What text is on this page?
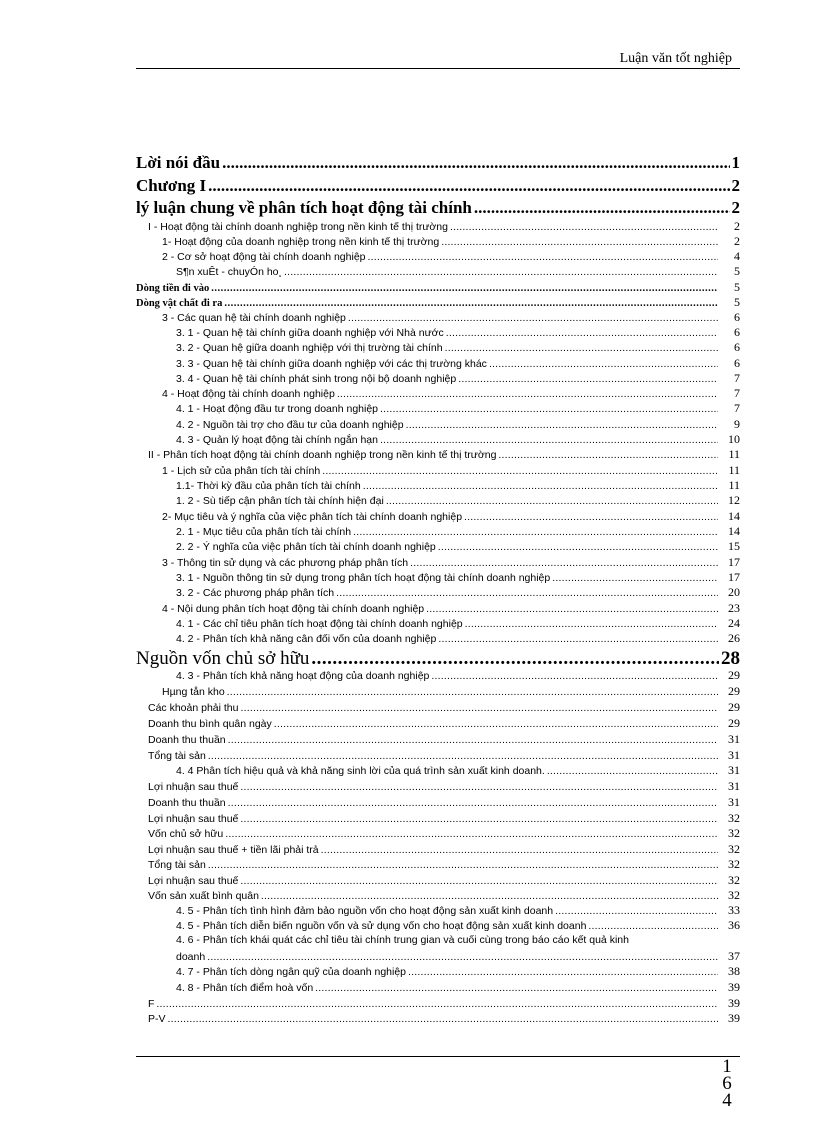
Luận văn tốt nghiệp
Lời nói đầu .....	1
Chương I .....	2
lý luận chung về phân tích hoạt động tài chính .....	2
I - Hoạt động tài chính doanh nghiệp trong nền kinh tế thị trường .....	2
1- Hoạt động của doanh nghiệp trong nền kinh tế thị trường .....	2
2 - Cơ sở hoạt động tài chính doanh nghiệp .....	4
S¶n xuÊt - chuyÓn ho¸ .....	5
Dòng tiền đi vào .....	5
Dòng vật chất đi ra .....	5
3 - Các quan hệ tài chính doanh nghiệp .....	6
3. 1 - Quan hệ tài chính giữa doanh nghiệp với Nhà nước .....	6
3. 2 - Quan hệ giữa doanh nghiệp với thị trường tài chính .....	6
3. 3 - Quan hệ tài chính giữa doanh nghiệp với các thị trường khác .....	6
3. 4 - Quan hệ tài chính phát sinh trong nội bộ doanh nghiệp .....	7
4 - Hoạt động tài chính doanh nghiệp .....	7
4. 1 - Hoạt động đầu tư trong doanh nghiệp .....	7
4. 2 - Nguồn tài trợ cho đầu tư của doanh nghiệp .....	9
4. 3 - Quản lý hoạt động tài chính ngắn hạn .....	10
II - Phân tích hoạt động tài chính doanh nghiệp trong nền kinh tế thị trường .....	11
1 - Lịch sử của phân tích tài chính .....	11
1.1- Thời kỳ đầu của phân tích tài chính .....	11
1. 2 - Sù tiếp cận phân tích tài chính hiện đại .....	12
2- Mục tiêu và ý nghĩa của việc phân tích tài chính doanh nghiệp .....	14
2. 1 - Mục tiêu của phân tích tài chính .....	14
2. 2 - Ý nghĩa của việc phân tích tài chính doanh nghiệp .....	15
3 - Thông tin sử dụng và các phương pháp phân tích .....	17
3. 1 - Nguồn thông tin sử dụng trong phân tích hoạt động tài chính doanh nghiệp .....	17
3. 2 - Các phương pháp phân tích .....	20
4 - Nội dung phân tích hoạt động tài chính doanh nghiệp .....	23
4. 1 - Các chỉ tiêu phân tích hoạt động tài chính doanh nghiệp .....	24
4. 2 - Phân tích khả năng cân đối vốn của doanh nghiệp .....	26
Nguồn vốn chủ sở hữu .....	28
4. 3 - Phân tích khả năng hoạt động của doanh nghiệp .....	29
Hµng tån kho .....	29
Các khoản phải thu .....	29
Doanh thu bình quân ngày .....	29
Doanh thu thuần .....	31
Tổng tài sản .....	31
4. 4 Phân tích hiệu quả và khả năng sinh lời của quá trình sản xuất kinh doanh. .....	31
Lợi nhuận sau thuế .....	31
Doanh thu thuần .....	31
Lợi nhuận sau thuế .....	32
Vốn chủ sở hữu .....	32
Lợi nhuận sau thuế + tiền lãi phải trả .....	32
Tổng tài sản .....	32
Lợi nhuận sau thuế .....	32
Vốn sản xuất bình quân .....	32
4. 5 - Phân tích tình hình đảm bảo nguồn vốn cho hoạt động sản xuất kinh doanh .....	33
4. 5 - Phân tích diễn biến nguồn vốn và sử dụng vốn cho hoạt động sản xuất kinh doanh .....	36
4. 6 - Phân tích khái quát các chỉ tiêu tài chính trung gian và cuối cùng trong báo cáo kết quả kinh
doanh .....	37
4. 7 - Phân tích dòng ngân quỹ của doanh nghiệp .....	38
4. 8 - Phân tích điểm hoà vốn .....	39
F .....	39
P-V .....	39
1
6
4
